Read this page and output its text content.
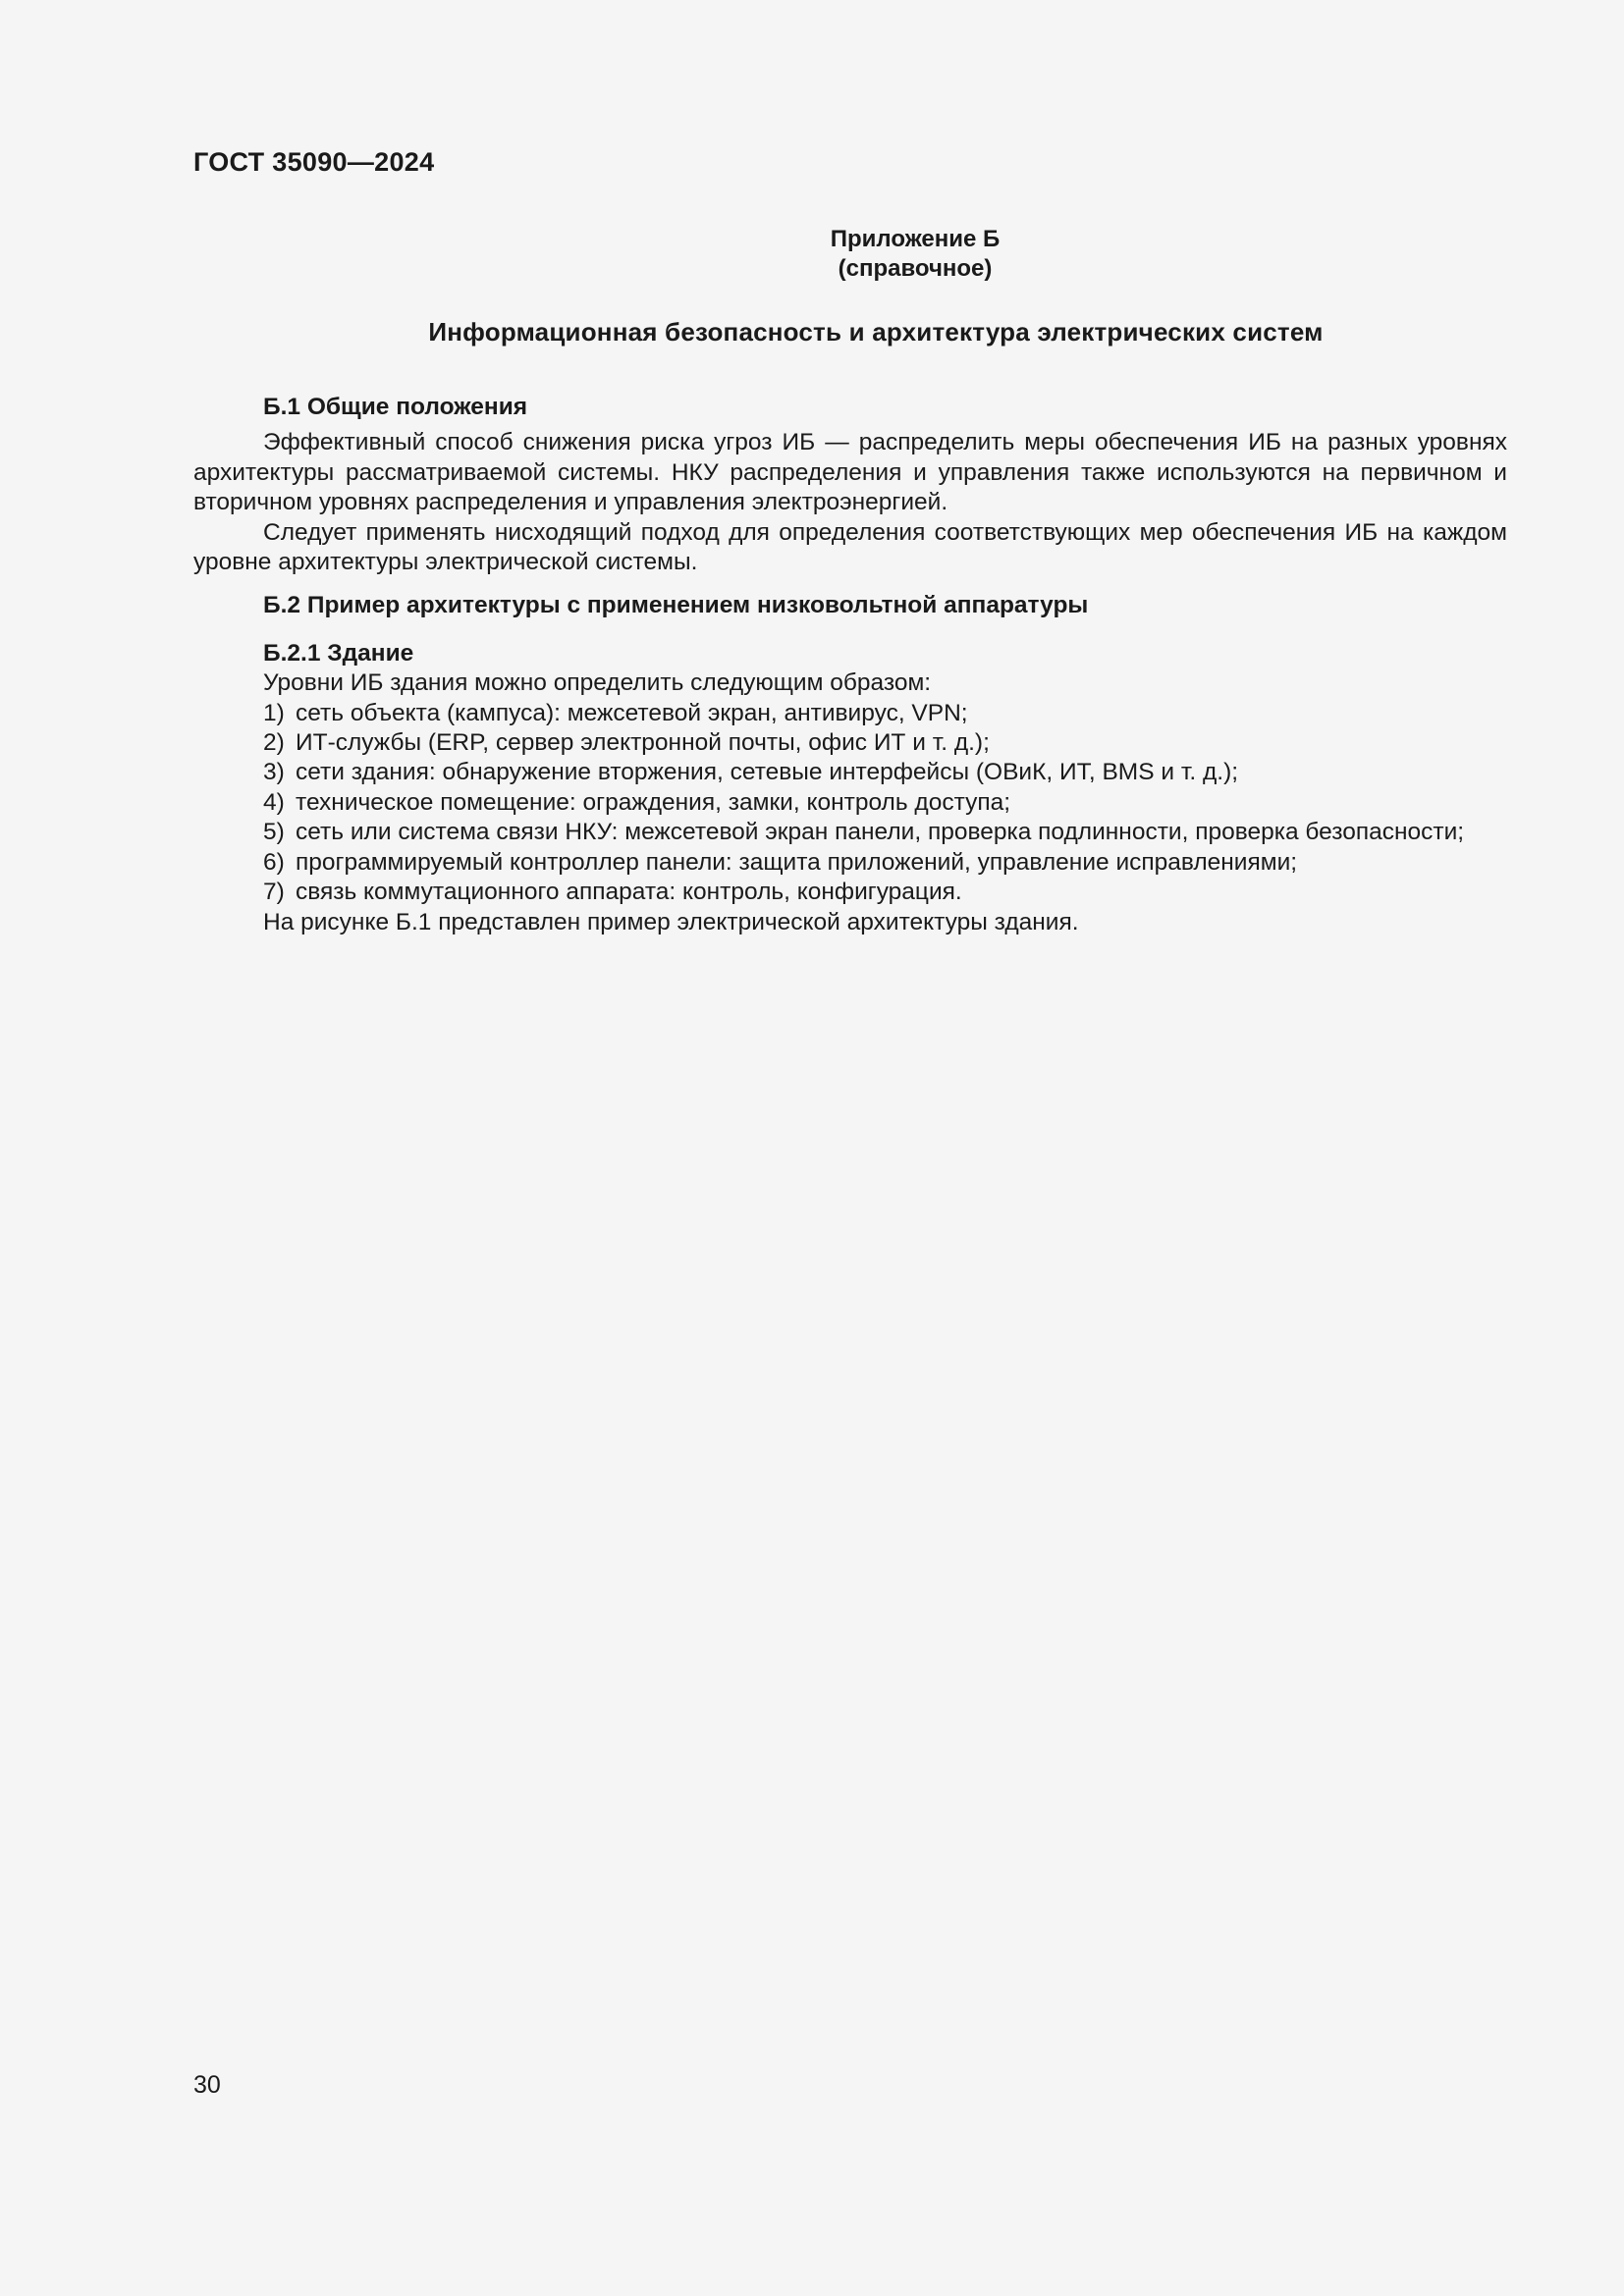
ГОСТ 35090—2024
Приложение Б
(справочное)
Информационная безопасность и архитектура электрических систем

Б.1 Общие положения

Эффективный способ снижения риска угроз ИБ — распределить меры обеспечения ИБ на разных уровнях архитектуры рассматриваемой системы. НКУ распределения и управления также используются на первичном и вторичном уровнях распределения и управления электроэнергией.

Следует применять нисходящий подход для определения соответствующих мер обеспечения ИБ на каждом уровне архитектуры электрической системы.

Б.2 Пример архитектуры с применением низковольтной аппаратуры

Б.2.1 Здание

Уровни ИБ здания можно определить следующим образом:

1) сеть объекта (кампуса): межсетевой экран, антивирус, VPN;
2) ИТ-службы (ERP, сервер электронной почты, офис ИТ и т. д.);
3) сети здания: обнаружение вторжения, сетевые интерфейсы (ОВиК, ИТ, BMS и т. д.);
4) техническое помещение: ограждения, замки, контроль доступа;
5) сеть или система связи НКУ: межсетевой экран панели, проверка подлинности, проверка безопасности;
6) программируемый контроллер панели: защита приложений, управление исправлениями;
7) связь коммутационного аппарата: контроль, конфигурация.

На рисунке Б.1 представлен пример электрической архитектуры здания.

30
